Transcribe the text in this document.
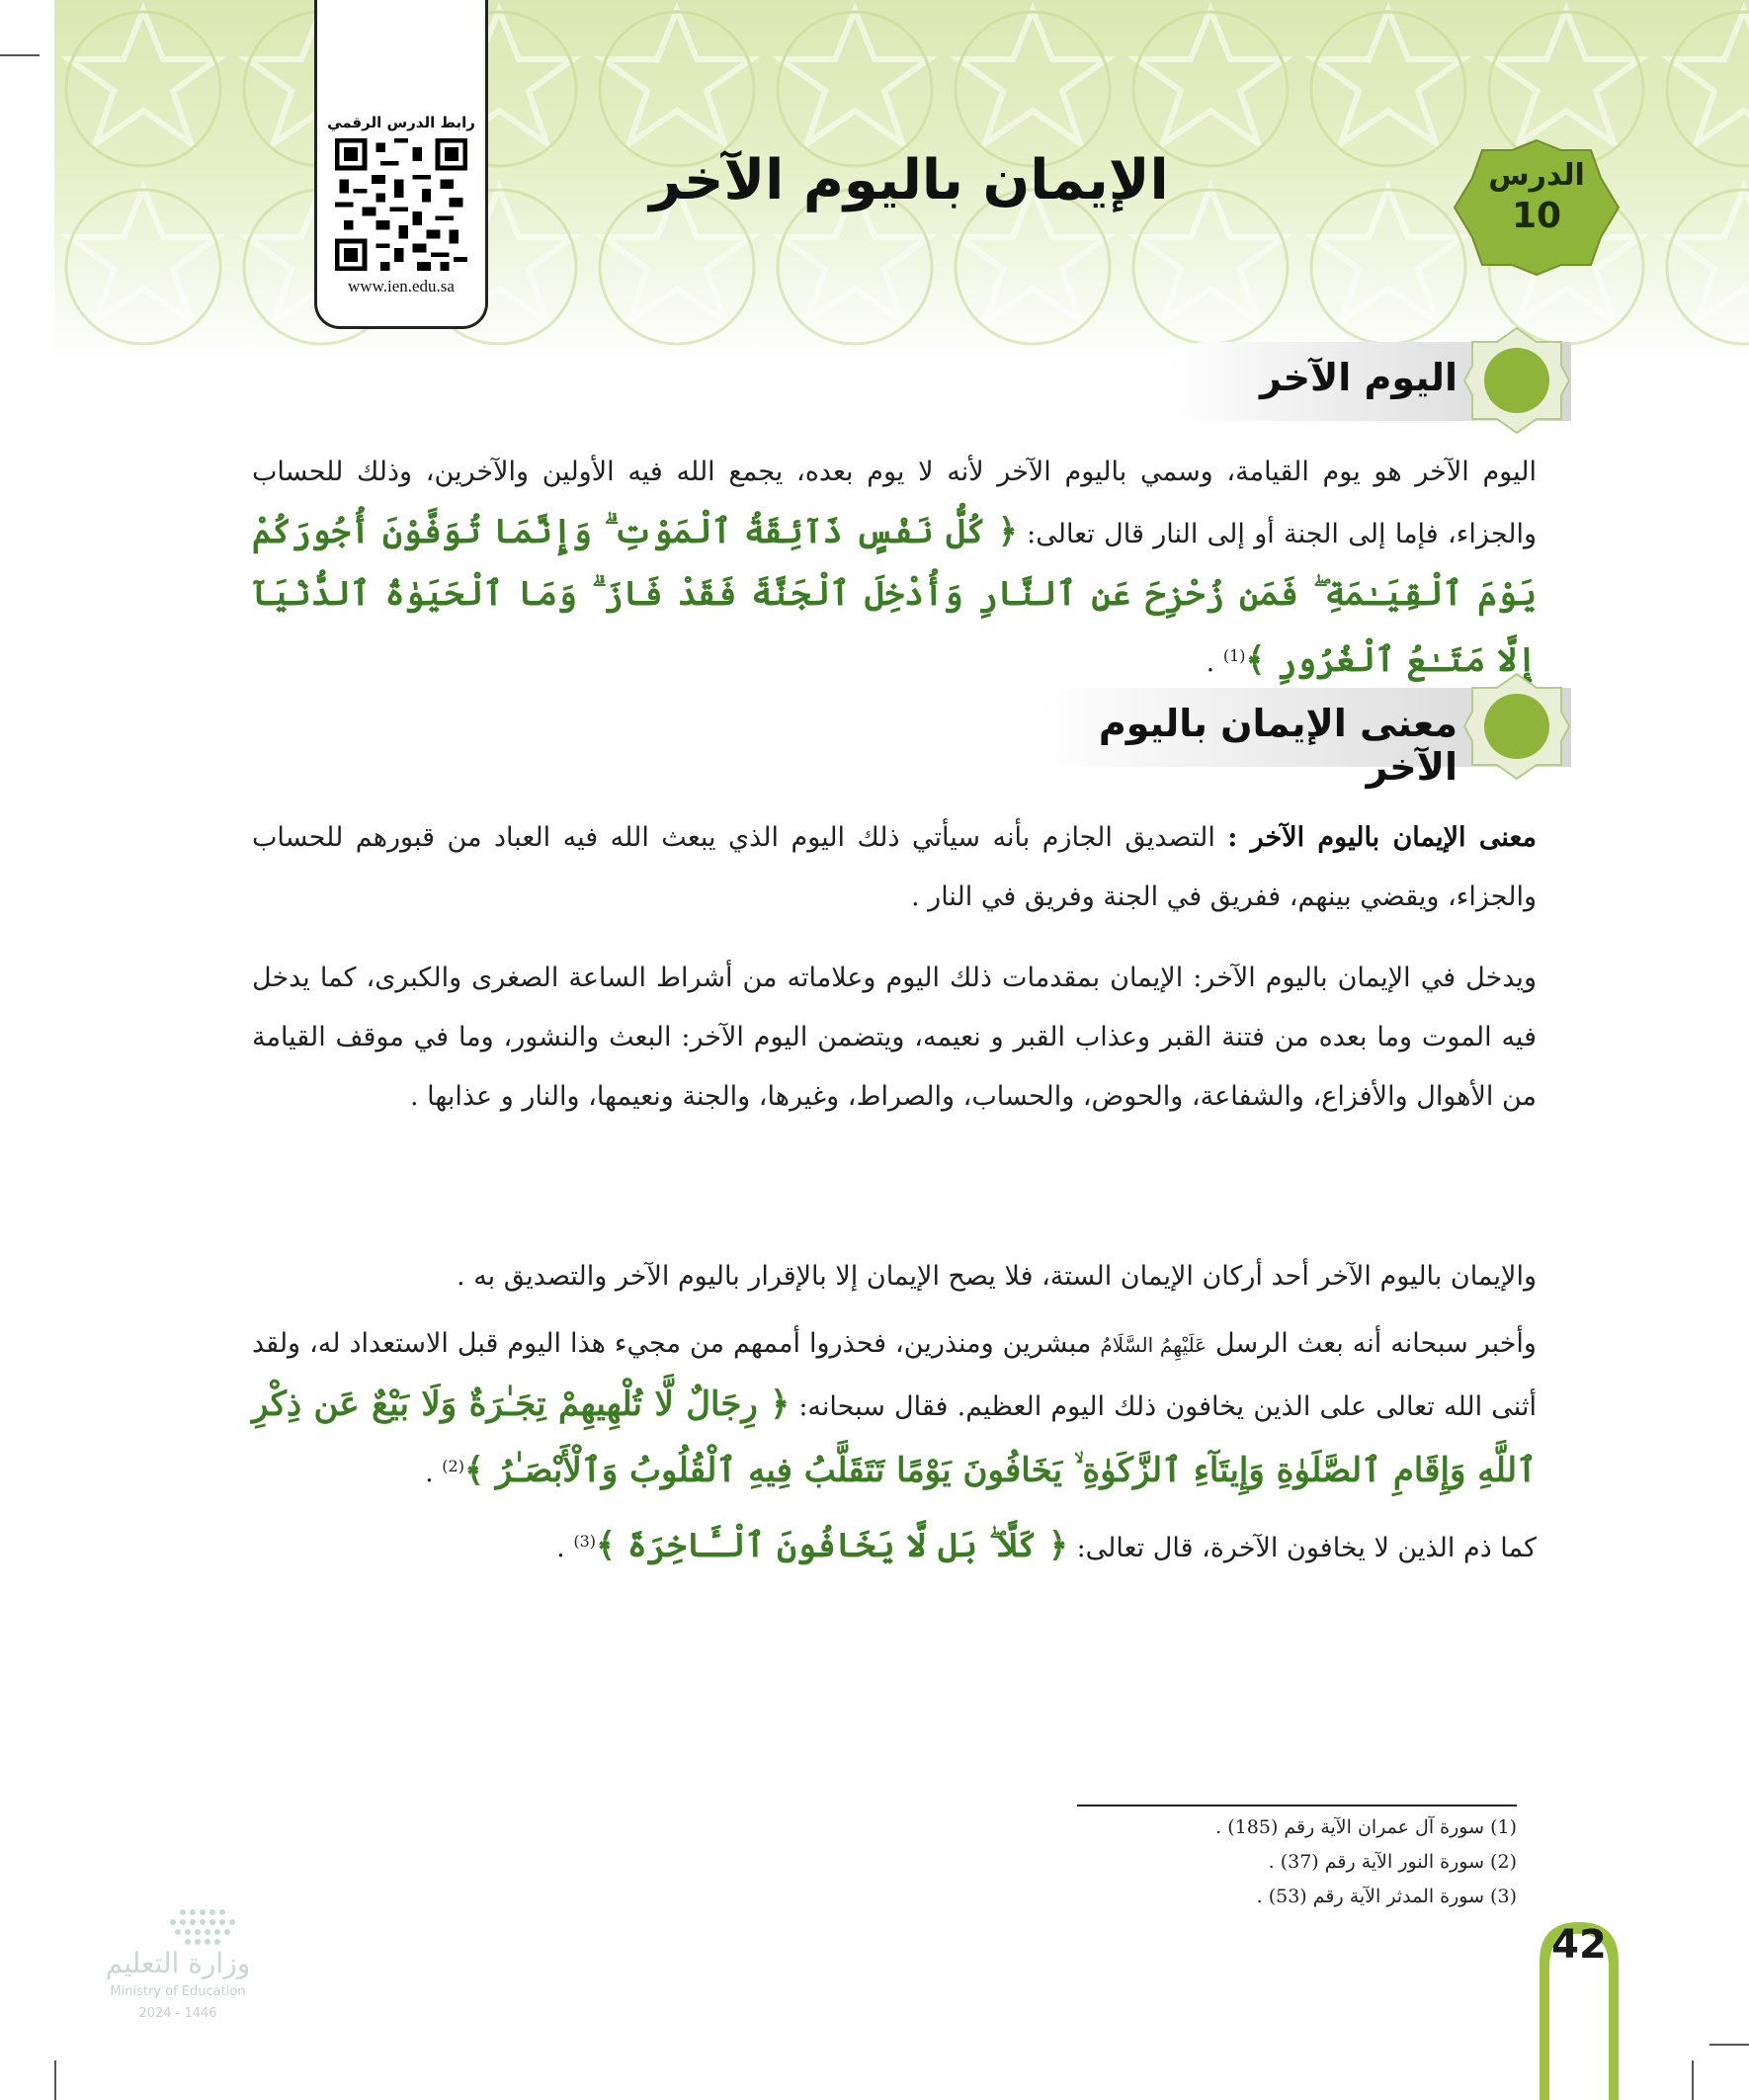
الإيمان باليوم الآخر	الدرس
10
رابط الدرس الرقمي
www.ien.edu.sa
اليوم الآخر
اليوم الآخر هو يوم القيامة، وسمي باليوم الآخر لأنه لا يوم بعده، يجمع الله فيه الأولين والآخرين، وذلك للحساب والجزاء، فإما إلى الجنة أو إلى النار قال تعالى: ﴿ كُلُّ نَفْسٍ ذَآئِقَةُ ٱلْمَوْتِ ۗ وَإِنَّمَا تُوَفَّوْنَ أُجُورَكُمْ يَوْمَ ٱلْقِيَـٰمَةِ ۖ فَمَن زُحْزِحَ عَنِ ٱلنَّارِ وَأُدْخِلَ ٱلْجَنَّةَ فَقَدْ فَازَ ۗ وَمَا ٱلْحَيَوٰةُ ٱلدُّنْيَآ إِلَّا مَتَـٰعُ ٱلْغُرُورِ ﴾$^{(1)}$ .
معنى الإيمان باليوم الآخر
معنى الإيمان باليوم الآخر : التصديق الجازم بأنه سيأتي ذلك اليوم الذي يبعث الله فيه العباد من قبورهم للحساب والجزاء، ويقضي بينهم، ففريق في الجنة وفريق في النار .
ويدخل في الإيمان باليوم الآخر: الإيمان بمقدمات ذلك اليوم وعلاماته من أشراط الساعة الصغرى والكبرى، كما يدخل فيه الموت وما بعده من فتنة القبر وعذاب القبر و نعيمه، ويتضمن اليوم الآخر: البعث والنشور، وما في موقف القيامة من الأهوال والأفزاع، والشفاعة، والحوض، والحساب، والصراط، وغيرها، والجنة ونعيمها، والنار و عذابها .
والإيمان باليوم الآخر أحد أركان الإيمان الستة، فلا يصح الإيمان إلا بالإقرار باليوم الآخر والتصديق به .
وأخبر سبحانه أنه بعث الرسل عَلَيْهِمُ السَّلَامُ مبشرين ومنذرين، فحذروا أممهم من مجيء هذا اليوم قبل الاستعداد له، ولقد أثنى الله تعالى على الذين يخافون ذلك اليوم العظيم. فقال سبحانه: ﴿ رِجَالٌ لَّا تُلْهِيهِمْ تِجَـٰرَةٌ وَلَا بَيْعٌ عَن ذِكْرِ ٱللَّهِ وَإِقَامِ ٱلصَّلَوٰةِ وَإِيتَآءِ ٱلزَّكَوٰةِ ۙ يَخَافُونَ يَوْمًا تَتَقَلَّبُ فِيهِ ٱلْقُلُوبُ وَٱلْأَبْصَـٰرُ ﴾$^{(2)}$ .
كما ذم الذين لا يخافون الآخرة، قال تعالى: ﴿ كَلَّا ۖ بَل لَّا يَخَافُونَ ٱلْـَٔاخِرَةَ ﴾$^{(3)}$ .
(1) سورة آل عمران الآية رقم (185) .
(2) سورة النور الآية رقم (37) .
(3) سورة المدثر الآية رقم (53) .
42
وزارة التعليم
Ministry of Education
2024 - 1446
